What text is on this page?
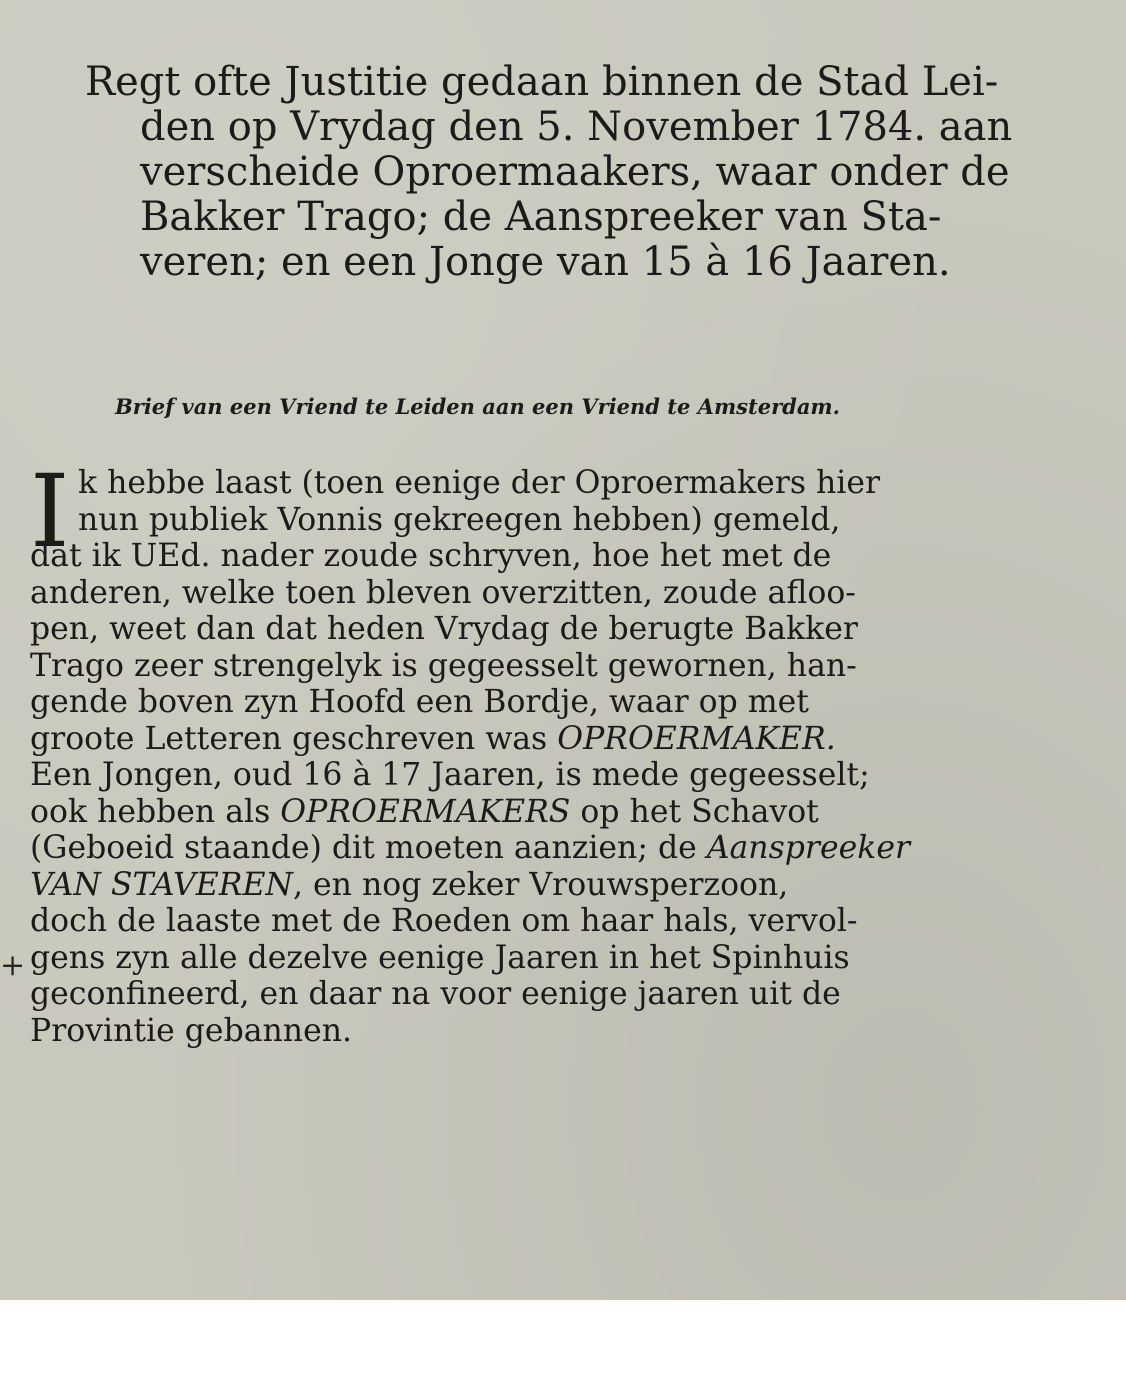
Regt ofte Justitie gedaan binnen de Stad Lei-
den op Vrydag den 5. November 1784. aan
verscheide Oproermaakers, waar onder de
Bakker Trago; de Aanspreeker van Sta-
veren; en een Jonge van 15 à 16 Jaaren.

Brief van een Vriend te Leiden aan een Vriend te Amsterdam.

I k hebbe laast (toen eenige der Oproermakers hier
nun publiek Vonnis gekreegen hebben) gemeld,
dat ik UEd. nader zoude schryven, hoe het met de
anderen, welke toen bleven overzitten, zoude afloo-
pen, weet dan dat heden Vrydag de berugte Bakker
Trago zeer strengelyk is gegeesselt gewornen, han-
gende boven zyn Hoofd een Bordje, waar op met
groote Letteren geschreven was OPROERMAKER.
Een Jongen, oud 16 à 17 Jaaren, is mede gegeesselt;
ook hebben als OPROERMAKERS op het Schavot
(Geboeid staande) dit moeten aanzien; de Aanspreeker
VAN STAVEREN, en nog zeker Vrouwsperzoon,
doch de laaste met de Roeden om haar hals, vervol-
gens zyn alle dezelve eenige Jaaren in het Spinhuis
geconfineerd, en daar na voor eenige jaaren uit de
Provintie gebannen.
+
